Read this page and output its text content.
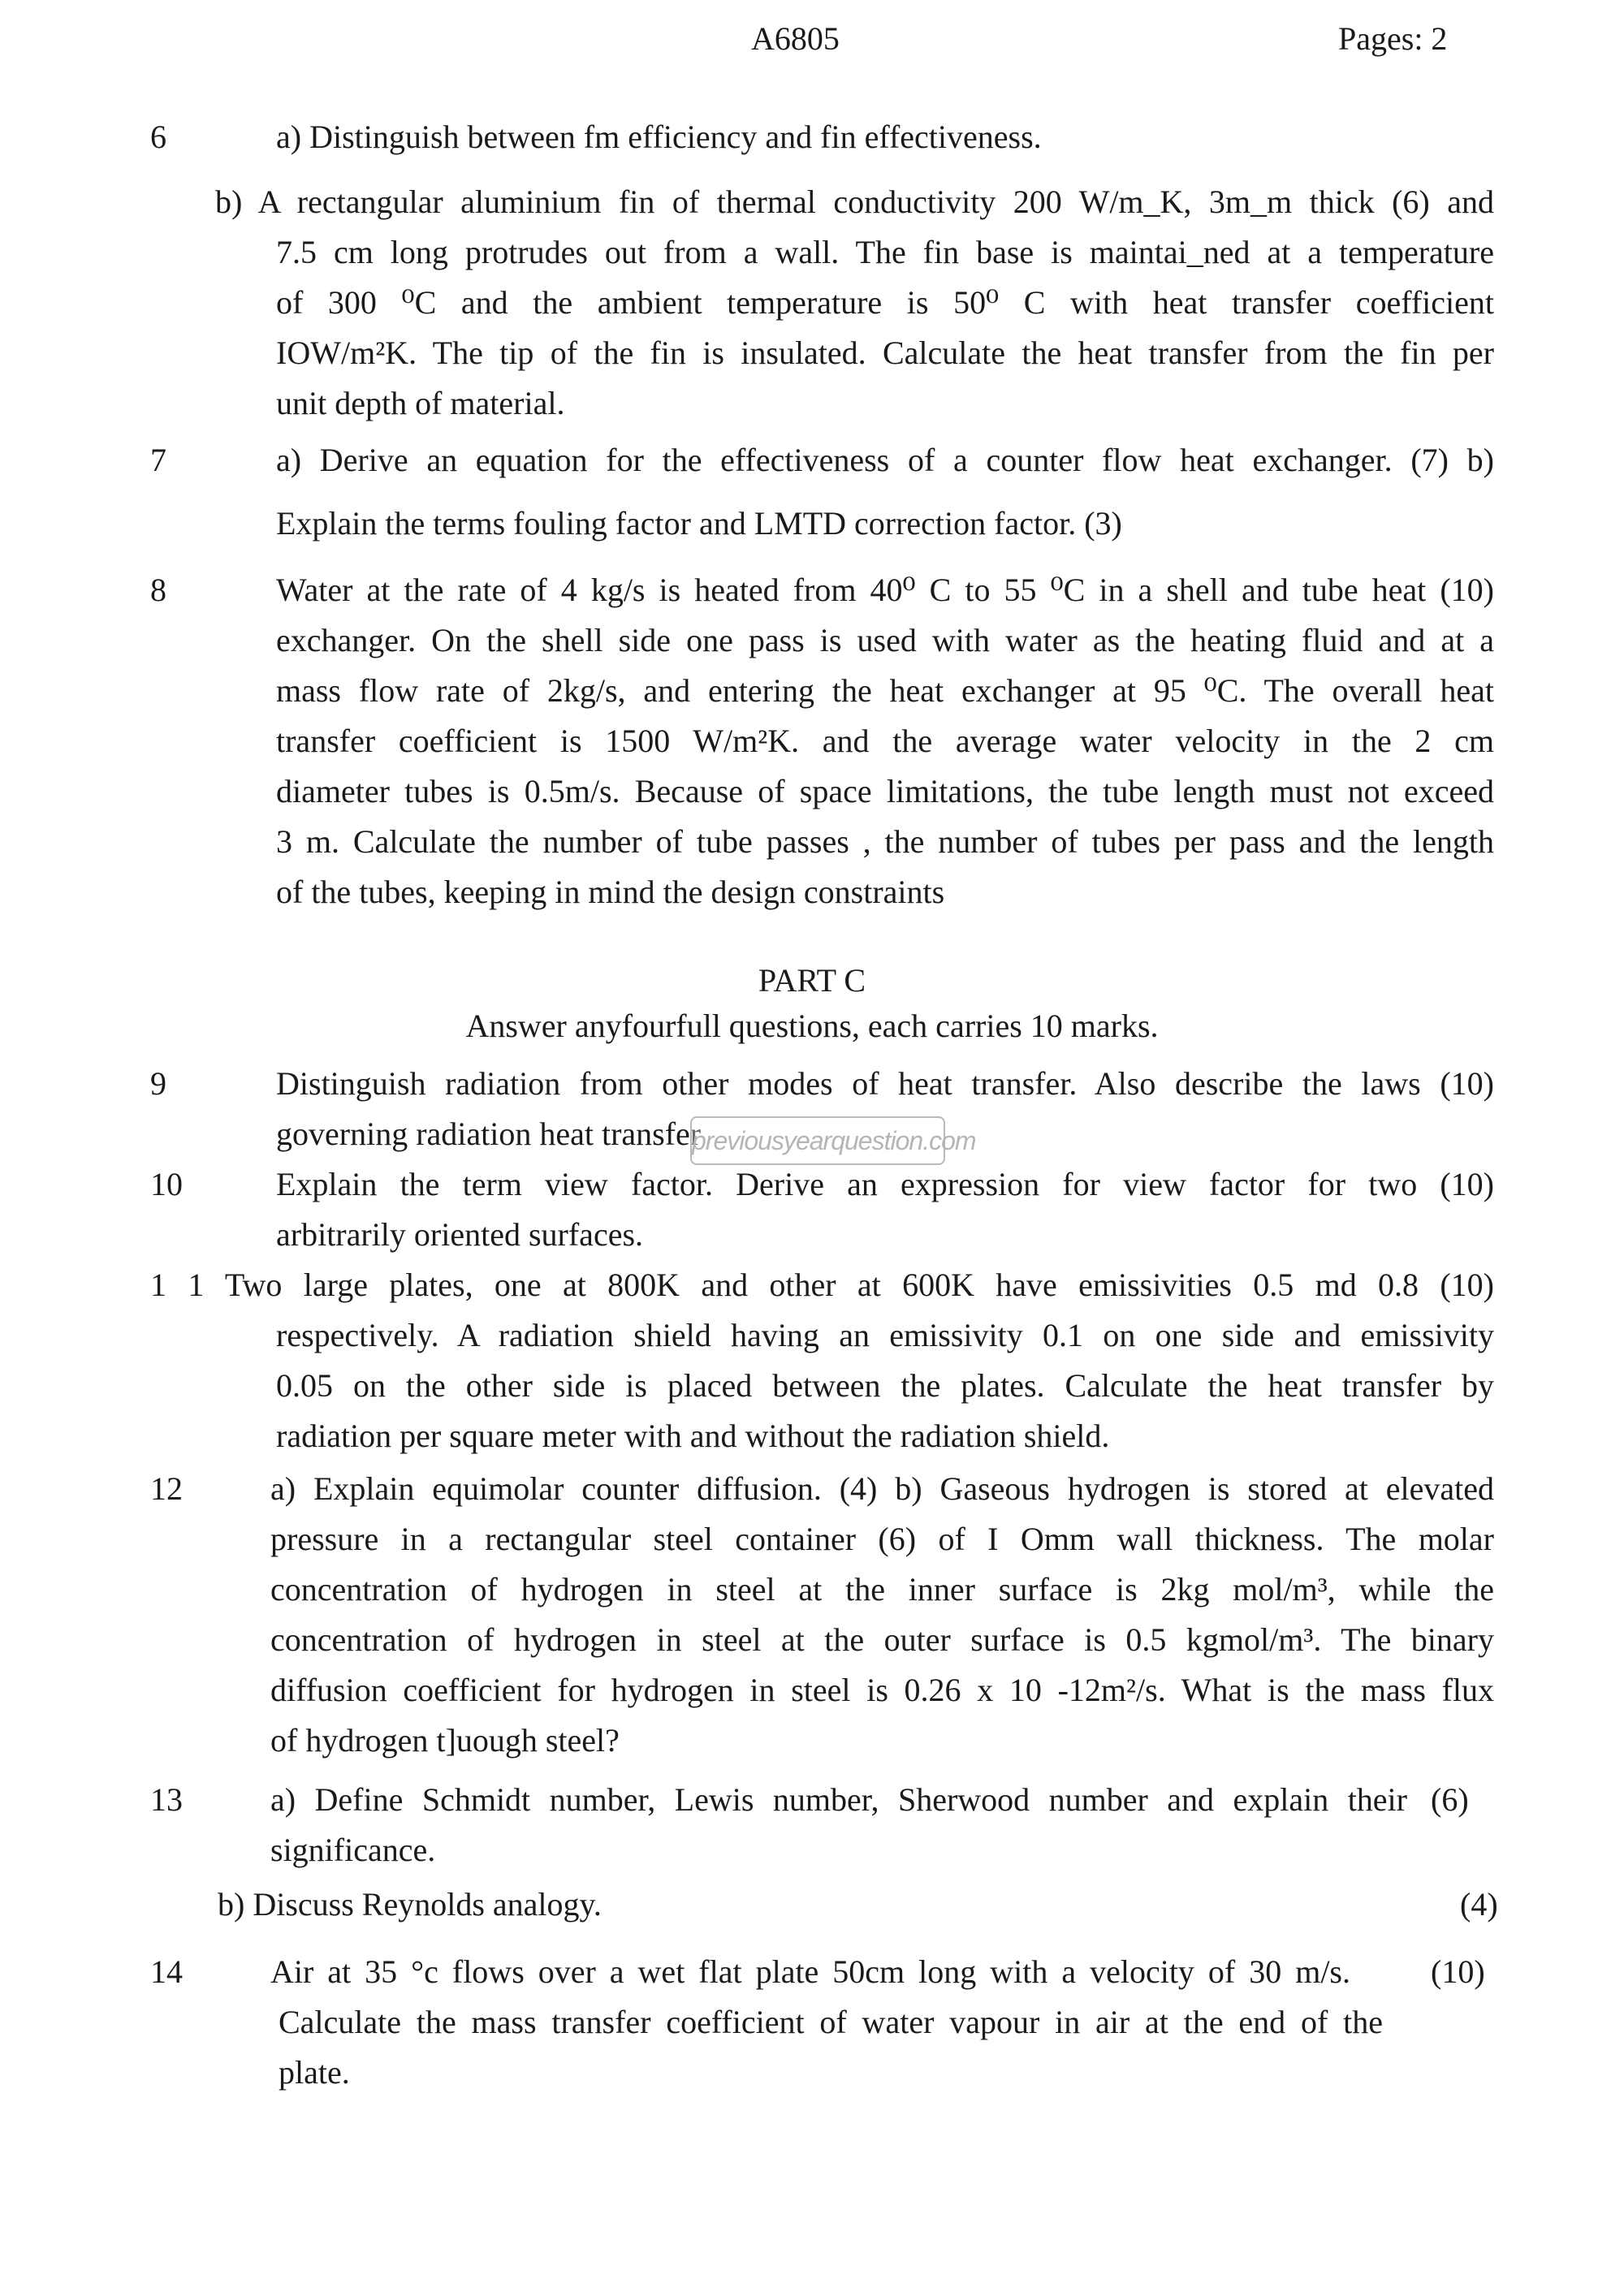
A6805	Pages: 2
6	a) Distinguish between fm efficiency and fin effectiveness.
b) A rectangular aluminium fin of thermal conductivity 200 W/m_K, 3m_m thick (6) and
7.5 cm long protrudes out from a wall. The fin base is maintai_ned at a temperature
of 300 ⁰C and the ambient temperature is 50⁰ C with heat transfer coefficient
IOW/m²K. The tip of the fin is insulated. Calculate the heat transfer from the fin per
unit depth of material.
7	a) Derive an equation for the effectiveness of a counter flow heat exchanger. (7) b)
Explain the terms fouling factor and LMTD correction factor. (3)
8	Water at the rate of 4 kg/s is heated from 40⁰ C to 55 ⁰C in a shell and tube heat (10)
exchanger. On the shell side one pass is used with water as the heating fluid and at a
mass flow rate of 2kg/s, and entering the heat exchanger at 95 ⁰C. The overall heat
transfer coefficient is 1500 W/m²K. and the average water velocity in the 2 cm
diameter tubes is 0.5m/s. Because of space limitations, the tube length must not exceed
3 m. Calculate the number of tube passes , the number of tubes per pass and the length
of the tubes, keeping in mind the design constraints
PART C
Answer anyfourfull questions, each carries 10 marks.
9	Distinguish radiation from other modes of heat transfer. Also describe the laws (10)
governing radiation heat transfer
10	Explain the term view factor. Derive an expression for view factor for two (10)
arbitrarily oriented surfaces.
previousyearquestion.com
1 1 Two large plates, one at 800K and other at 600K have emissivities 0.5 md 0.8 (10)
respectively. A radiation shield having an emissivity 0.1 on one side and emissivity
0.05 on the other side is placed between the plates. Calculate the heat transfer by
radiation per square meter with and without the radiation shield.
12	a) Explain equimolar counter diffusion. (4) b) Gaseous hydrogen is stored at elevated
pressure in a rectangular steel container (6) of I Omm wall thickness. The molar
concentration of hydrogen in steel at the inner surface is 2kg mol/m³, while the
concentration of hydrogen in steel at the outer surface is 0.5 kgmol/m³. The binary
diffusion coefficient for hydrogen in steel is 0.26 x 10 -12m²/s. What is the mass flux
of hydrogen t]uough steel?
13	a) Define Schmidt number, Lewis number, Sherwood number and explain their
significance.
(6)
b) Discuss Reynolds analogy.	(4)
14	Air at 35 °c flows over a wet flat plate 50cm long with a velocity of 30 m/s. (10)
Calculate the mass transfer coefficient of water vapour in air at the end of the
plate.
